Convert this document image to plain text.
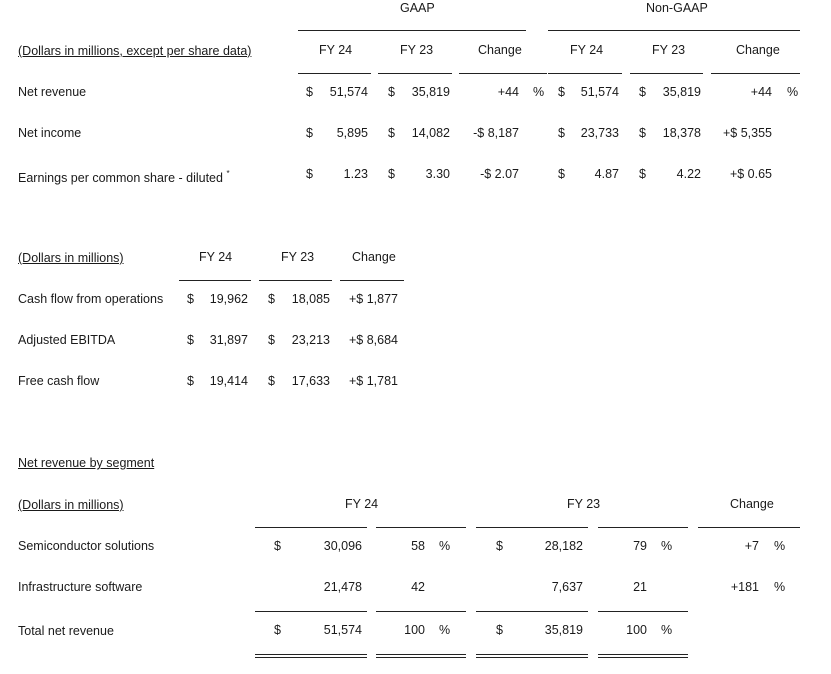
GAAP	Non-GAAP
(Dollars in millions, except per share data)	FY 24	FY 23	Change	FY 24	FY 23	Change
Net revenue	$	51,574 $	35,819	+44 % $	51,574 $	35,819	+44 %
Net income	$	5,895 $	14,082	-$ 8,187	$	23,733 $	18,378	+$ 5,355
Earnings per common share - diluted *	$	1.23 $	3.30	-$ 2.07	$	4.87 $	4.22	+$ 0.65
(Dollars in millions)	FY 24	FY 23	Change
Cash flow from operations $	19,962 $	18,085 +$ 1,877
Adjusted EBITDA	$	31,897 $	23,213 +$ 8,684
Free cash flow	$	19,414 $	17,633 +$ 1,781
Net revenue by segment
(Dollars in millions)	FY 24	FY 23	Change
Semiconductor solutions	$	30,096	58 %	$	28,182	79 %	+7 %
Infrastructure software	21,478	42	7,637	21	+181 %
Total net revenue	$	51,574	100 %	$	35,819	100 %
